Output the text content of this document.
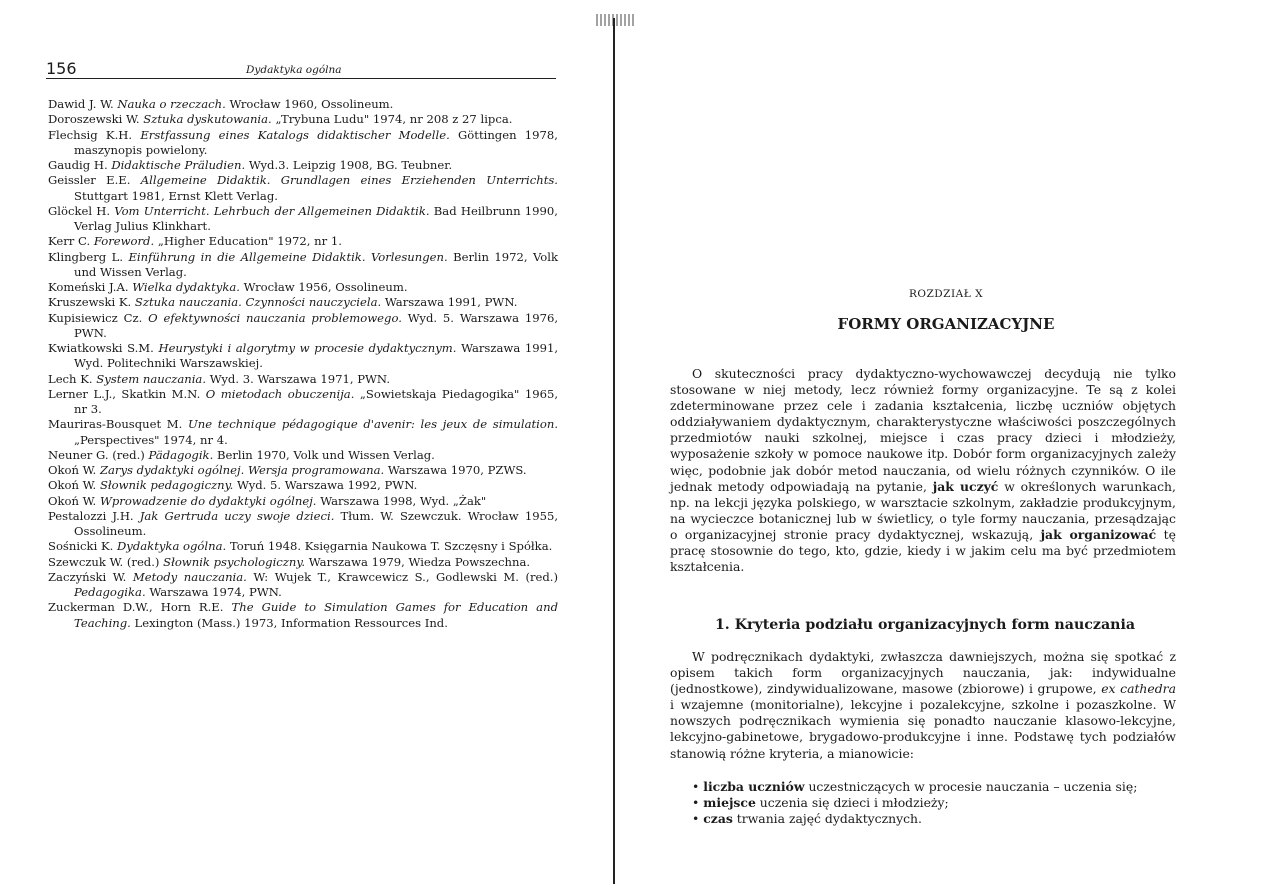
156	Dydaktyka ogólna

Dawid J. W. Nauka o rzeczach. Wrocław 1960, Ossolineum.

Doroszewski W. Sztuka dyskutowania. „Trybuna Ludu" 1974, nr 208 z 27 lipca.

Flechsig K.H. Erstfassung eines Katalogs didaktischer Modelle. Göttingen 1978, maszynopis powielony.

Gaudig H. Didaktische Präludien. Wyd.3. Leipzig 1908, BG. Teubner.

Geissler E.E. Allgemeine Didaktik. Grundlagen eines Erziehenden Unterrichts. Stuttgart 1981, Ernst Klett Verlag.

Glöckel H. Vom Unterricht. Lehrbuch der Allgemeinen Didaktik. Bad Heilbrunn 1990, Verlag Julius Klinkhart.

Kerr C. Foreword. „Higher Education" 1972, nr 1.

Klingberg L. Einführung in die Allgemeine Didaktik. Vorlesungen. Berlin 1972, Volk und Wissen Verlag.

Komeński J.A. Wielka dydaktyka. Wrocław 1956, Ossolineum.

Kruszewski K. Sztuka nauczania. Czynności nauczyciela. Warszawa 1991, PWN.

Kupisiewicz Cz. O efektywności nauczania problemowego. Wyd. 5. Warszawa 1976, PWN.

Kwiatkowski S.M. Heurystyki i algorytmy w procesie dydaktycznym. Warszawa 1991, Wyd. Politechniki Warszawskiej.

Lech K. System nauczania. Wyd. 3. Warszawa 1971, PWN.

Lerner L.J., Skatkin M.N. O mietodach obuczenija. „Sowietskaja Piedagogika" 1965, nr 3.

Mauriras-Bousquet M. Une technique pédagogique d'avenir: les jeux de simulation. „Perspectives" 1974, nr 4.

Neuner G. (red.) Pädagogik. Berlin 1970, Volk und Wissen Verlag.

Okoń W. Zarys dydaktyki ogólnej. Wersja programowana. Warszawa 1970, PZWS.

Okoń W. Słownik pedagogiczny. Wyd. 5. Warszawa 1992, PWN.

Okoń W. Wprowadzenie do dydaktyki ogólnej. Warszawa 1998, Wyd. „Żak"

Pestalozzi J.H. Jak Gertruda uczy swoje dzieci. Tłum. W. Szewczuk. Wrocław 1955, Ossolineum.

Sośnicki K. Dydaktyka ogólna. Toruń 1948. Księgarnia Naukowa T. Szczęsny i Spółka.

Szewczuk W. (red.) Słownik psychologiczny. Warszawa 1979, Wiedza Powszechna.

Zaczyński W. Metody nauczania. W: Wujek T., Krawcewicz S., Godlewski M. (red.) Pedagogika. Warszawa 1974, PWN.

Zuckerman D.W., Horn R.E. The Guide to Simulation Games for Education and Teaching. Lexington (Mass.) 1973, Information Ressources Ind.

ROZDZIAŁ X
FORMY ORGANIZACYJNE

O skuteczności pracy dydaktyczno-wychowawczej decydują nie tylko stosowane w niej metody, lecz również formy organizacyjne. Te są z kolei zdeterminowane przez cele i zadania kształcenia, liczbę uczniów objętych oddziaływaniem dydaktycznym, charakterystyczne właściwości poszczególnych przedmiotów nauki szkolnej, miejsce i czas pracy dzieci i młodzieży, wyposażenie szkoły w pomoce naukowe itp. Dobór form organizacyjnych zależy więc, podobnie jak dobór metod nauczania, od wielu różnych czynników. O ile jednak metody odpowiadają na pytanie, jak uczyć w określonych warunkach, np. na lekcji języka polskiego, w warsztacie szkolnym, zakładzie produkcyjnym, na wycieczce botanicznej lub w świetlicy, o tyle formy nauczania, przesądzając o organizacyjnej stronie pracy dydaktycznej, wskazują, jak organizować tę pracę stosownie do tego, kto, gdzie, kiedy i w jakim celu ma być przedmiotem kształcenia.

1. Kryteria podziału organizacyjnych form nauczania

W podręcznikach dydaktyki, zwłaszcza dawniejszych, można się spotkać z opisem takich form organizacyjnych nauczania, jak: indywidualne (jednostkowe), zindywidualizowane, masowe (zbiorowe) i grupowe, ex cathedra i wzajemne (monitorialne), lekcyjne i pozalekcyjne, szkolne i pozaszkolne. W nowszych podręcznikach wymienia się ponadto nauczanie klasowo-lekcyjne, lekcyjno-gabinetowe, brygadowo-produkcyjne i inne. Podstawę tych podziałów stanowią różne kryteria, a mianowicie:

• liczba uczniów uczestniczących w procesie nauczania – uczenia się;
• miejsce uczenia się dzieci i młodzieży;
• czas trwania zajęć dydaktycznych.
